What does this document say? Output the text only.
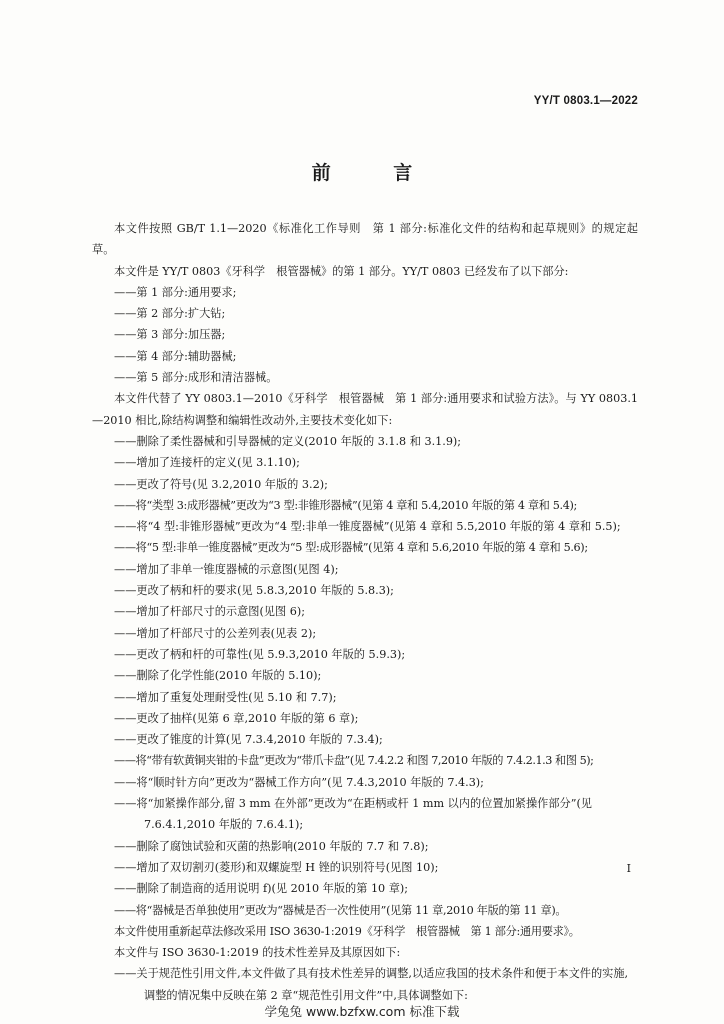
YY/T 0803.1—2022
前 言
本文件按照 GB/T 1.1—2020《标准化工作导则　第 1 部分:标准化文件的结构和起草规则》的规定起草。
本文件是 YY/T 0803《牙科学　根管器械》的第 1 部分。YY/T 0803 已经发布了以下部分:
——第 1 部分:通用要求;
——第 2 部分:扩大钻;
——第 3 部分:加压器;
——第 4 部分:辅助器械;
——第 5 部分:成形和清洁器械。
本文件代替了 YY 0803.1—2010《牙科学　根管器械　第 1 部分:通用要求和试验方法》。与 YY 0803.1—2010 相比,除结构调整和编辑性改动外,主要技术变化如下:
——删除了柔性器械和引导器械的定义(2010 年版的 3.1.8 和 3.1.9);
——增加了连接杆的定义(见 3.1.10);
——更改了符号(见 3.2,2010 年版的 3.2);
——将“类型 3:成形器械”更改为“3 型:非锥形器械”(见第 4 章和 5.4,2010 年版的第 4 章和 5.4);
——将“4 型:非锥形器械”更改为“4 型:非单一锥度器械”(见第 4 章和 5.5,2010 年版的第 4 章和 5.5);
——将“5 型:非单一锥度器械”更改为“5 型:成形器械”(见第 4 章和 5.6,2010 年版的第 4 章和 5.6);
——增加了非单一锥度器械的示意图(见图 4);
——更改了柄和杆的要求(见 5.8.3,2010 年版的 5.8.3);
——增加了杆部尺寸的示意图(见图 6);
——增加了杆部尺寸的公差列表(见表 2);
——更改了柄和杆的可靠性(见 5.9.3,2010 年版的 5.9.3);
——删除了化学性能(2010 年版的 5.10);
——增加了重复处理耐受性(见 5.10 和 7.7);
——更改了抽样(见第 6 章,2010 年版的第 6 章);
——更改了锥度的计算(见 7.3.4,2010 年版的 7.3.4);
——将“带有软黄铜夹钳的卡盘”更改为“带爪卡盘”(见 7.4.2.2 和图 7,2010 年版的 7.4.2.1.3 和图 5);
——将“顺时针方向”更改为“器械工作方向”(见 7.4.3,2010 年版的 7.4.3);
——将“加紧操作部分,留 3 mm 在外部”更改为“在距柄或杆 1 mm 以内的位置加紧操作部分”(见 7.6.4.1,2010 年版的 7.6.4.1);
——删除了腐蚀试验和灭菌的热影响(2010 年版的 7.7 和 7.8);
——增加了双切割刃(菱形)和双螺旋型 H 锉的识别符号(见图 10);
——删除了制造商的适用说明 f)(见 2010 年版的第 10 章);
——将“器械是否单独使用”更改为“器械是否一次性使用”(见第 11 章,2010 年版的第 11 章)。
本文件使用重新起草法修改采用 ISO 3630-1:2019《牙科学　根管器械　第 1 部分:通用要求》。
本文件与 ISO 3630-1:2019 的技术性差异及其原因如下:
——关于规范性引用文件,本文件做了具有技术性差异的调整,以适应我国的技术条件和便于本文件的实施,调整的情况集中反映在第 2 章“规范性引用文件”中,具体调整如下:
I
学兔兔 www.bzfxw.com 标准下载
